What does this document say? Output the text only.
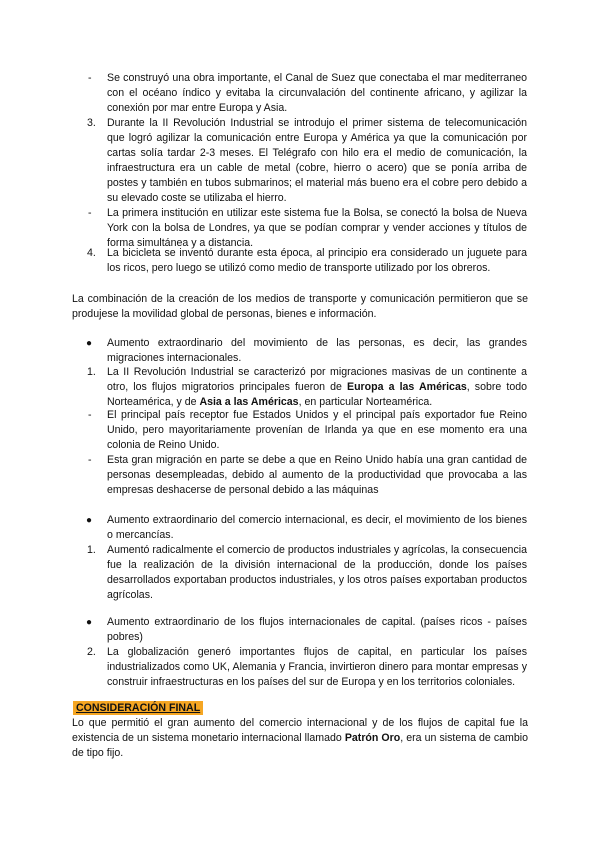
- Se construyó una obra importante, el Canal de Suez que conectaba el mar mediterraneo con el océano índico y evitaba la circunvalación del continente africano, y agilizar la conexión por mar entre Europa y Asia.
3. Durante la II Revolución Industrial se introdujo el primer sistema de telecomunicación que logró agilizar la comunicación entre Europa y América ya que la comunicación por cartas solía tardar 2-3 meses. El Telégrafo con hilo era el medio de comunicación, la infraestructura era un cable de metal (cobre, hierro o acero) que se ponía arriba de postes y también en tubos submarinos; el material más bueno era el cobre pero debido a su elevado coste se utilizaba el hierro.
- La primera institución en utilizar este sistema fue la Bolsa, se conectó la bolsa de Nueva York con la bolsa de Londres, ya que se podían comprar y vender acciones y títulos de forma simultánea y a distancia.
4. La bicicleta se inventó durante esta época, al principio era considerado un juguete para los ricos, pero luego se utilizó como medio de transporte utilizado por los obreros.
La combinación de la creación de los medios de transporte y comunicación permitieron que se produjese la movilidad global de personas, bienes e información.
● Aumento extraordinario del movimiento de las personas, es decir, las grandes migraciones internacionales.
1. La II Revolución Industrial se caracterizó por migraciones masivas de un continente a otro, los flujos migratorios principales fueron de Europa a las Américas, sobre todo Norteamérica, y de Asia a las Américas, en particular Norteamérica.
- El principal país receptor fue Estados Unidos y el principal país exportador fue Reino Unido, pero mayoritariamente provenían de Irlanda ya que en ese momento era una colonia de Reino Unido.
- Esta gran migración en parte se debe a que en Reino Unido había una gran cantidad de personas desempleadas, debido al aumento de la productividad que provocaba a las empresas deshacerse de personal debido a las máquinas
● Aumento extraordinario del comercio internacional, es decir, el movimiento de los bienes o mercancías.
1. Aumentó radicalmente el comercio de productos industriales y agrícolas, la consecuencia fue la realización de la división internacional de la producción, donde los países desarrollados exportaban productos industriales, y los otros países exportaban productos agrícolas.
● Aumento extraordinario de los flujos internacionales de capital. (países ricos - países pobres)
2. La globalización generó importantes flujos de capital, en particular los países industrializados como UK, Alemania y Francia, invirtieron dinero para montar empresas y construir infraestructuras en los países del sur de Europa y en los territorios coloniales.
CONSIDERACIÓN FINAL
Lo que permitió el gran aumento del comercio internacional y de los flujos de capital fue la existencia de un sistema monetario internacional llamado Patrón Oro, era un sistema de cambio de tipo fijo.
